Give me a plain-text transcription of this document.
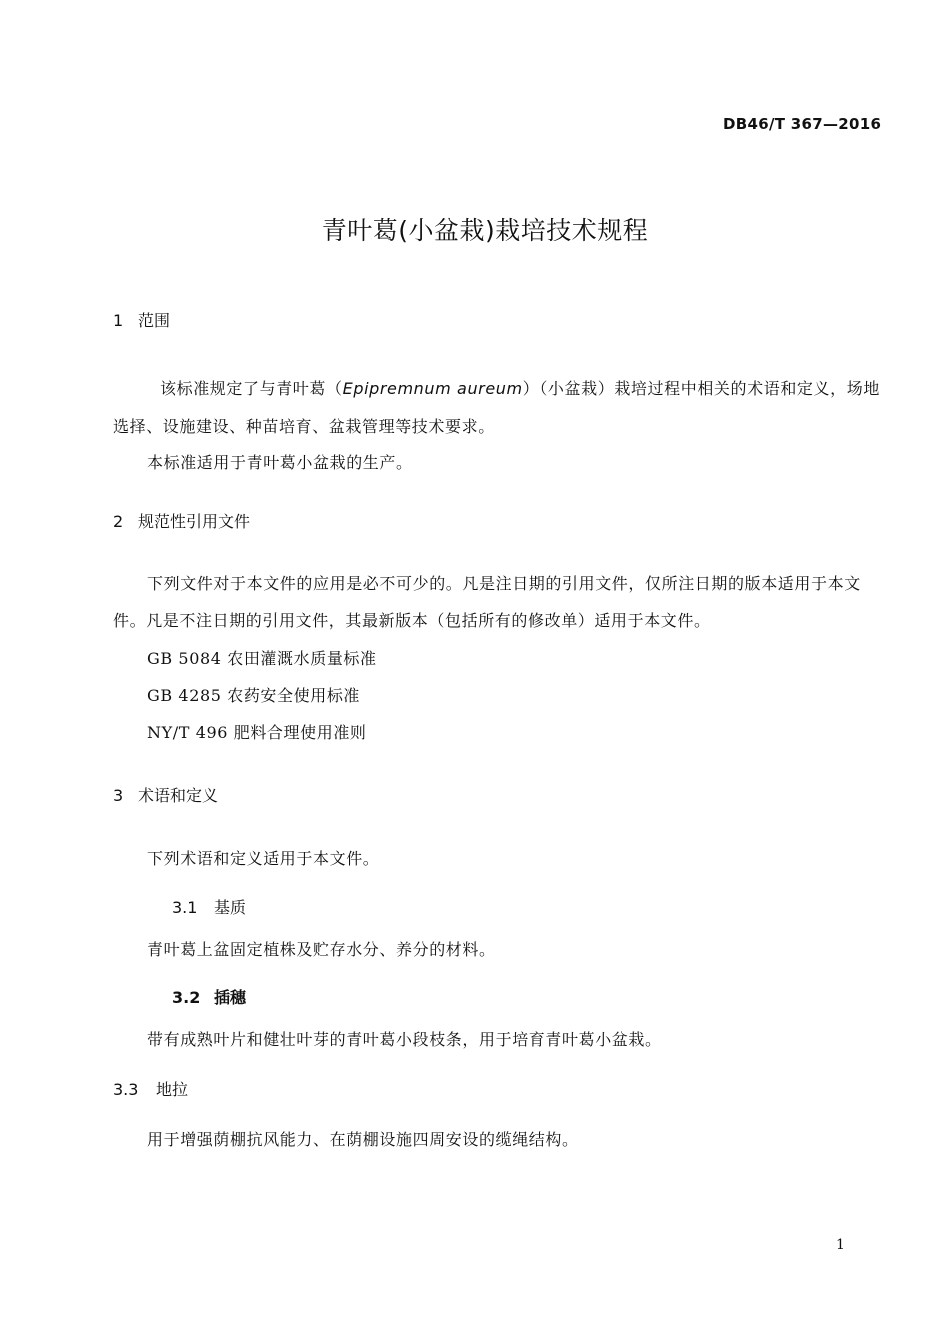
DB46/T 367—2016
青叶葛(小盆栽)栽培技术规程
1 范围
该标准规定了与青叶葛（Epipremnum aureum）（小盆栽）栽培过程中相关的术语和定义，场地
选择、设施建设、种苗培育、盆栽管理等技术要求。
本标准适用于青叶葛小盆栽的生产。
2 规范性引用文件
下列文件对于本文件的应用是必不可少的。凡是注日期的引用文件，仅所注日期的版本适用于本文
件。凡是不注日期的引用文件，其最新版本（包括所有的修改单）适用于本文件。
GB 5084 农田灌溉水质量标准
GB 4285 农药安全使用标准
NY/T 496 肥料合理使用准则
3 术语和定义
下列术语和定义适用于本文件。
3.1 基质
青叶葛上盆固定植株及贮存水分、养分的材料。
3.2 插穗
带有成熟叶片和健壮叶芽的青叶葛小段枝条，用于培育青叶葛小盆栽。
3.3 地拉
用于增强荫棚抗风能力、在荫棚设施四周安设的缆绳结构。
1
